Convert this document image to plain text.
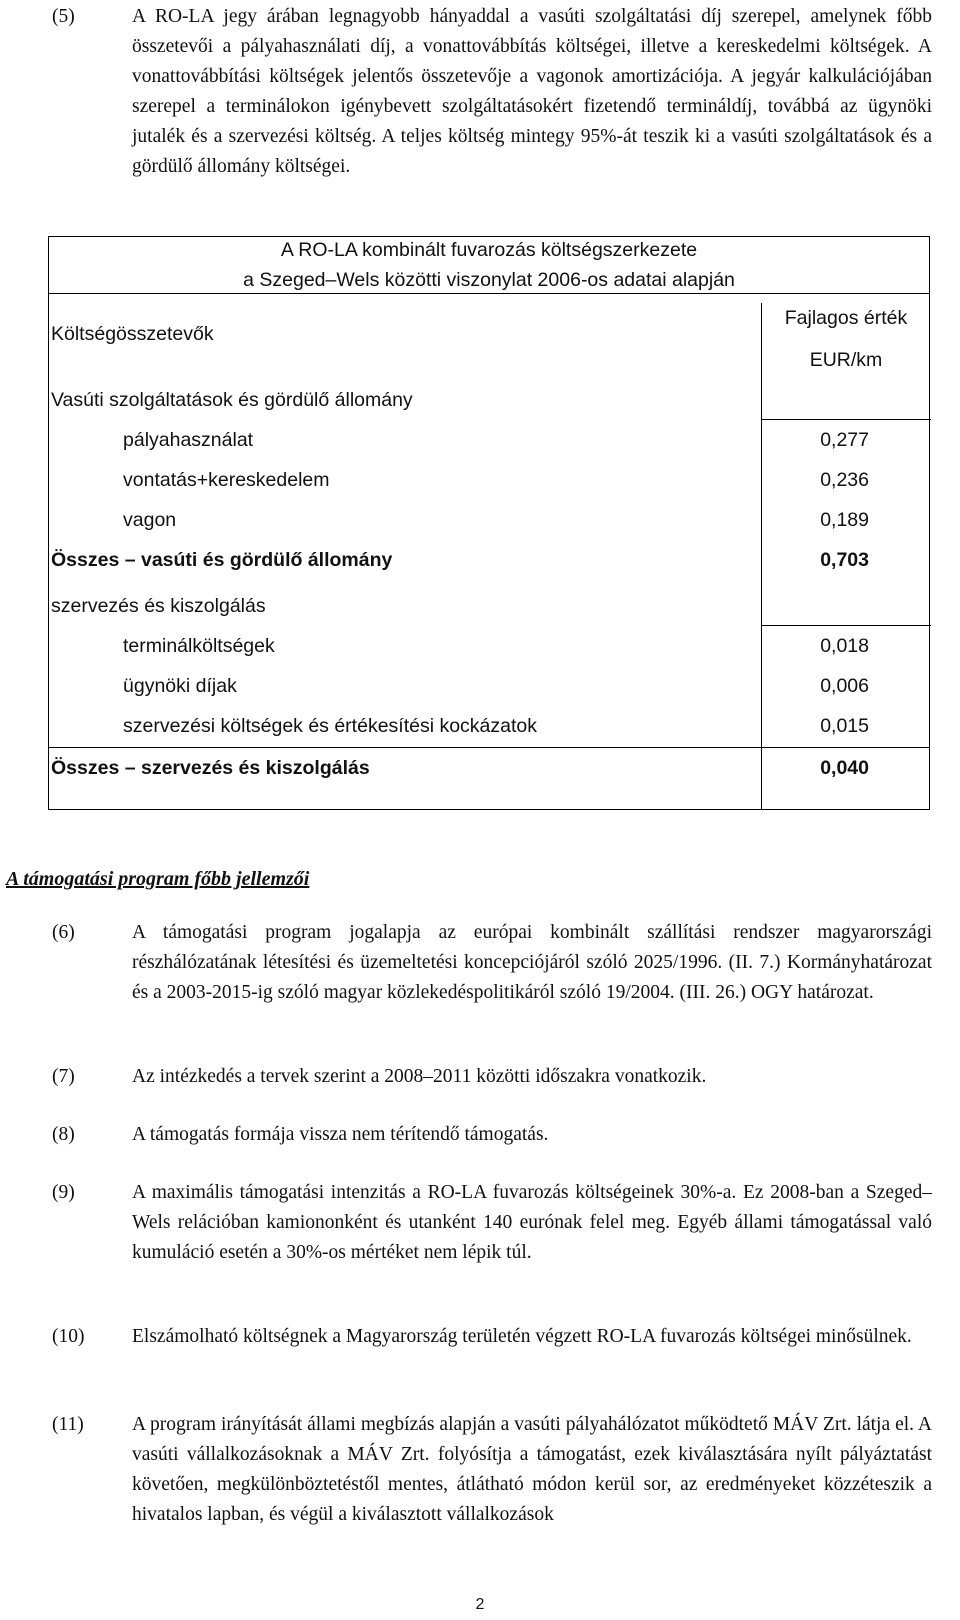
(5)	A RO-LA jegy árában legnagyobb hányaddal a vasúti szolgáltatási díj szerepel, amelynek főbb összetevői a pályahasználati díj, a vonattovábbítás költségei, illetve a kereskedelmi költségek. A vonattovábbítási költségek jelentős összetevője a vagonok amortizációja. A jegyár kalkulációjában szerepel a terminálokon igénybevett szolgáltatásokért fizetendő termináldíj, továbbá az ügynöki jutalék és a szervezési költség. A teljes költség mintegy 95%-át teszik ki a vasúti szolgáltatások és a gördülő állomány költségei.
A RO-LA kombinált fuvarozás költségszerkezete
a Szeged–Wels közötti viszonylat 2006-os adatai alapján
Költségösszetevők
Fajlagos érték
EUR/km
Vasúti szolgáltatások és gördülő állomány
pályahasználat	0,277
vontatás+kereskedelem	0,236
vagon	0,189
Összes – vasúti és gördülő állomány	0,703
szervezés és kiszolgálás
terminálköltségek	0,018
ügynöki díjak	0,006
szervezési költségek és értékesítési kockázatok	0,015
Összes – szervezés és kiszolgálás	0,040
A támogatási program főbb jellemzői
(6)	A támogatási program jogalapja az európai kombinált szállítási rendszer magyarországi részhálózatának létesítési és üzemeltetési koncepciójáról szóló 2025/1996. (II. 7.) Kormányhatározat és a 2003-2015-ig szóló magyar közlekedéspolitikáról szóló 19/2004. (III. 26.) OGY határozat.
(7)	Az intézkedés a tervek szerint a 2008–2011 közötti időszakra vonatkozik.
(8)	A támogatás formája vissza nem térítendő támogatás.
(9)	A maximális támogatási intenzitás a RO-LA fuvarozás költségeinek 30%-a. Ez 2008-ban a Szeged–Wels relációban kamiononként és utanként 140 eurónak felel meg. Egyéb állami támogatással való kumuláció esetén a 30%-os mértéket nem lépik túl.
(10)	Elszámolható költségnek a Magyarország területén végzett RO-LA fuvarozás költségei minősülnek.
(11)	A program irányítását állami megbízás alapján a vasúti pályahálózatot működtető MÁV Zrt. látja el. A vasúti vállalkozásoknak a MÁV Zrt. folyósítja a támogatást, ezek kiválasztására nyílt pályáztatást követően, megkülönböztetéstől mentes, átlátható módon kerül sor, az eredményeket közzéteszik a hivatalos lapban, és végül a kiválasztott vállalkozások
2
